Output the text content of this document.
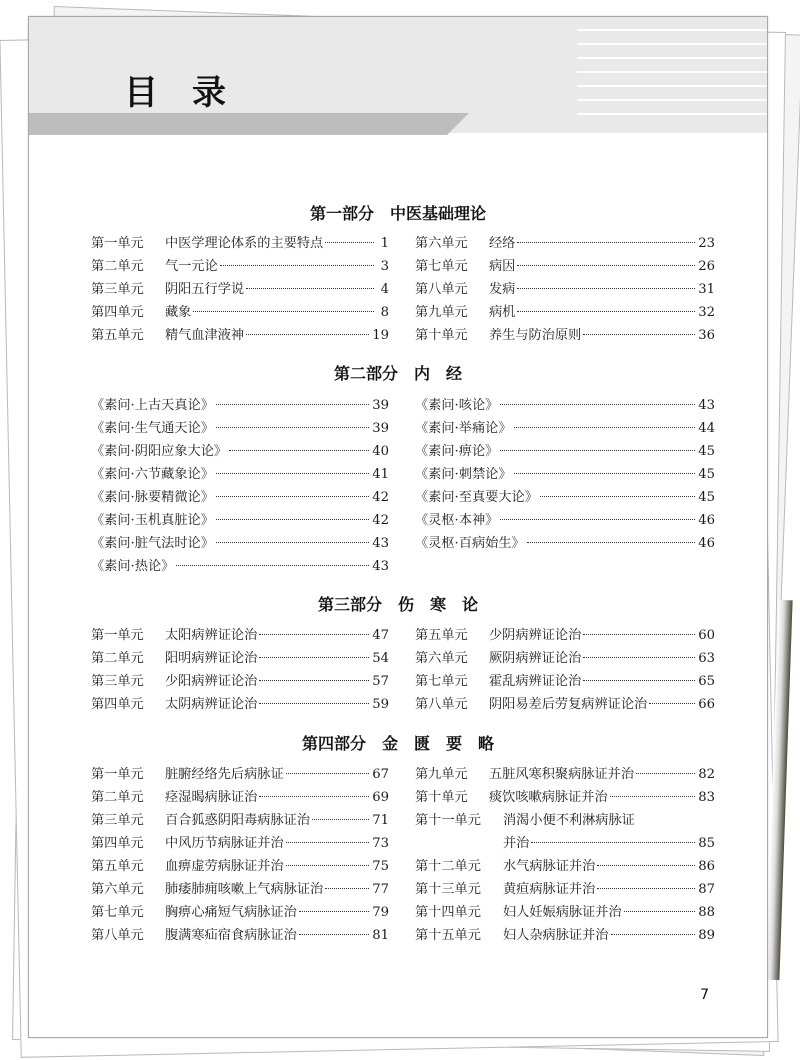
目录
第一部分　中医基础理论
第一单元	中医学理论体系的主要特点	1
第二单元	气一元论	3
第三单元	阴阳五行学说	4
第四单元	藏象	8
第五单元	精气血津液神	19
第六单元	经络	23
第七单元	病因	26
第八单元	发病	31
第九单元	病机	32
第十单元	养生与防治原则	36
第二部分　内　经
《素问·上古天真论》	39
《素问·生气通天论》	39
《素问·阴阳应象大论》	40
《素问·六节藏象论》	41
《素问·脉要精微论》	42
《素问·玉机真脏论》	42
《素问·脏气法时论》	43
《素问·热论》	43
《素问·咳论》	43
《素问·举痛论》	44
《素问·痹论》	45
《素问·刺禁论》	45
《素问·至真要大论》	45
《灵枢·本神》	46
《灵枢·百病始生》	46
第三部分　伤　寒　论
第一单元	太阳病辨证论治	47
第二单元	阳明病辨证论治	54
第三单元	少阳病辨证论治	57
第四单元	太阴病辨证论治	59
第五单元	少阴病辨证论治	60
第六单元	厥阴病辨证论治	63
第七单元	霍乱病辨证论治	65
第八单元	阴阳易差后劳复病辨证论治	66
第四部分　金　匮　要　略
第一单元	脏腑经络先后病脉证	67
第二单元	痉湿暍病脉证治	69
第三单元	百合狐惑阴阳毒病脉证治	71
第四单元	中风历节病脉证并治	73
第五单元	血痹虚劳病脉证并治	75
第六单元	肺痿肺痈咳嗽上气病脉证治	77
第七单元	胸痹心痛短气病脉证治	79
第八单元	腹满寒疝宿食病脉证治	81
第九单元	五脏风寒积聚病脉证并治	82
第十单元	痰饮咳嗽病脉证并治	83
第十一单元	消渴小便不利淋病脉证
并治	85
第十二单元	水气病脉证并治	86
第十三单元	黄疸病脉证并治	87
第十四单元	妇人妊娠病脉证并治	88
第十五单元	妇人杂病脉证并治	89
7
